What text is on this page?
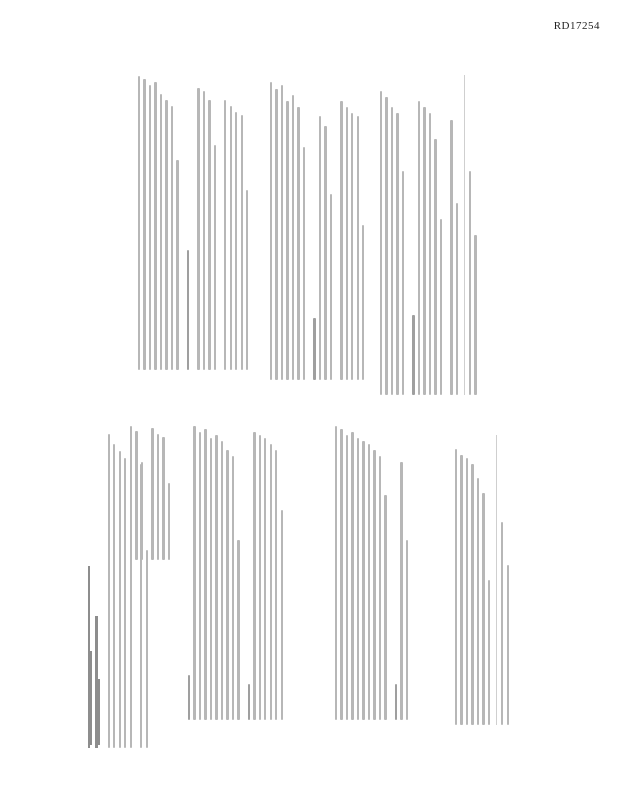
RD17254
